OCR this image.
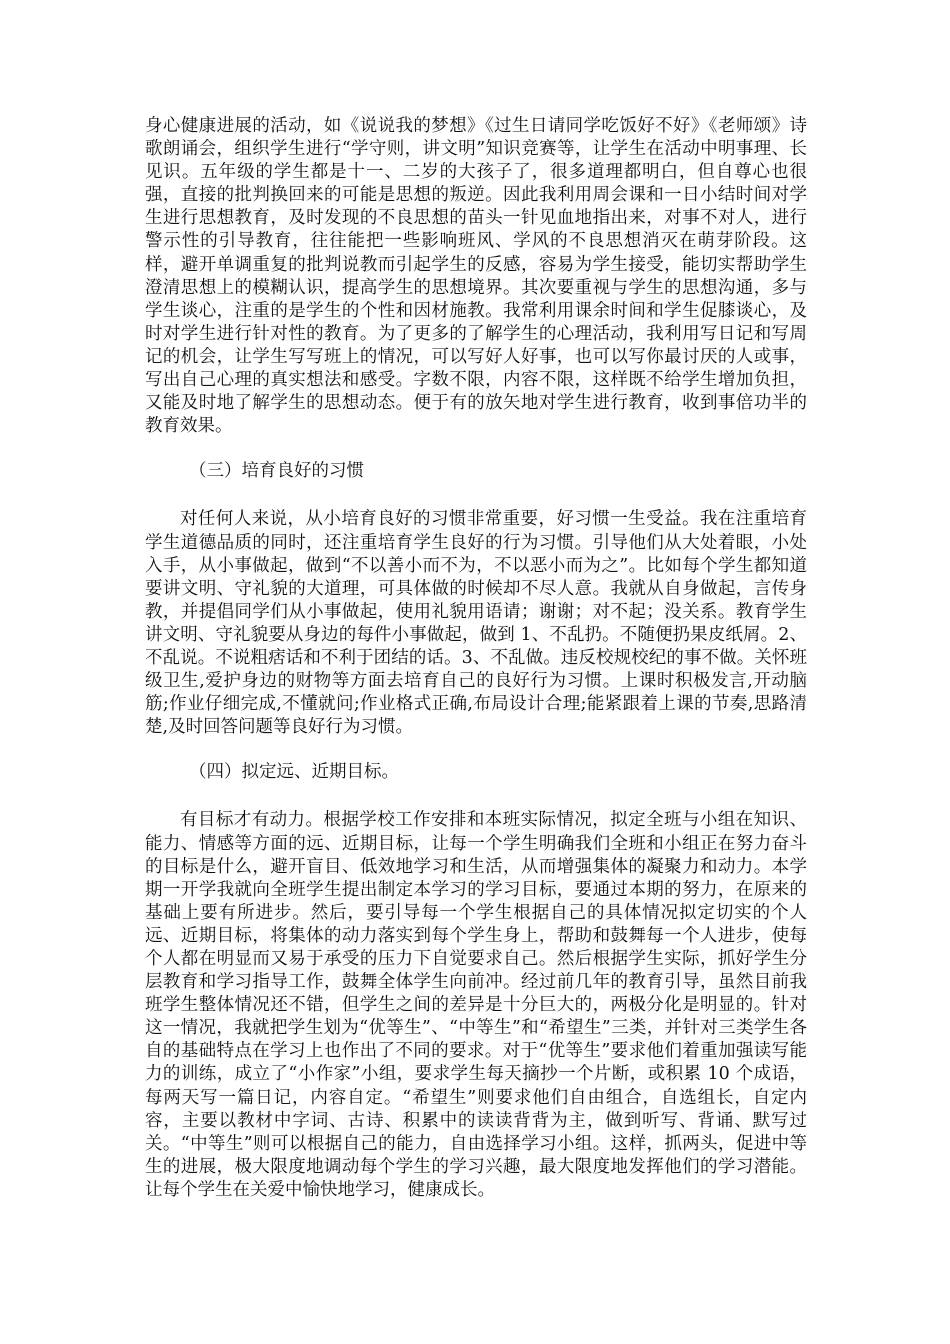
身心健康进展的活动，如《说说我的梦想》《过生日请同学吃饭好不好》《老师颂》诗歌朗诵会，组织学生进行“学守则，讲文明”知识竞赛等，让学生在活动中明事理、长见识。五年级的学生都是十一、二岁的大孩子了，很多道理都明白，但自尊心也很强，直接的批判换回来的可能是思想的叛逆。因此我利用周会课和一日小结时间对学生进行思想教育，及时发现的不良思想的苗头一针见血地指出来，对事不对人，进行警示性的引导教育，往往能把一些影响班风、学风的不良思想消灭在萌芽阶段。这样，避开单调重复的批判说教而引起学生的反感，容易为学生接受，能切实帮助学生澄清思想上的模糊认识，提高学生的思想境界。其次要重视与学生的思想沟通，多与学生谈心，注重的是学生的个性和因材施教。我常利用课余时间和学生促膝谈心，及时对学生进行针对性的教育。为了更多的了解学生的心理活动，我利用写日记和写周记的机会，让学生写写班上的情况，可以写好人好事，也可以写你最讨厌的人或事，写出自己心理的真实想法和感受。字数不限，内容不限，这样既不给学生增加负担，又能及时地了解学生的思想动态。便于有的放矢地对学生进行教育，收到事倍功半的教育效果。

（三）培育良好的习惯

对任何人来说，从小培育良好的习惯非常重要，好习惯一生受益。我在注重培育学生道德品质的同时，还注重培育学生良好的行为习惯。引导他们从大处着眼，小处入手，从小事做起，做到“不以善小而不为，不以恶小而为之”。比如每个学生都知道要讲文明、守礼貌的大道理，可具体做的时候却不尽人意。我就从自身做起，言传身教，并提倡同学们从小事做起，使用礼貌用语请；谢谢；对不起；没关系。教育学生讲文明、守礼貌要从身边的每件小事做起，做到 1、不乱扔。不随便扔果皮纸屑。2、不乱说。不说粗痞话和不利于团结的话。3、不乱做。违反校规校纪的事不做。关怀班级卫生,爱护身边的财物等方面去培育自己的良好行为习惯。上课时积极发言,开动脑筋;作业仔细完成,不懂就问;作业格式正确,布局设计合理;能紧跟着上课的节奏,思路清楚,及时回答问题等良好行为习惯。

（四）拟定远、近期目标。

有目标才有动力。根据学校工作安排和本班实际情况，拟定全班与小组在知识、能力、情感等方面的远、近期目标，让每一个学生明确我们全班和小组正在努力奋斗的目标是什么，避开盲目、低效地学习和生活，从而增强集体的凝聚力和动力。本学期一开学我就向全班学生提出制定本学习的学习目标，要通过本期的努力，在原来的基础上要有所进步。然后，要引导每一个学生根据自己的具体情况拟定切实的个人远、近期目标，将集体的动力落实到每个学生身上，帮助和鼓舞每一个人进步，使每个人都在明显而又易于承受的压力下自觉要求自己。然后根据学生实际，抓好学生分层教育和学习指导工作，鼓舞全体学生向前冲。经过前几年的教育引导，虽然目前我班学生整体情况还不错，但学生之间的差异是十分巨大的，两极分化是明显的。针对这一情况，我就把学生划为“优等生”、“中等生”和“希望生”三类，并针对三类学生各自的基础特点在学习上也作出了不同的要求。对于“优等生”要求他们着重加强读写能力的训练，成立了“小作家”小组，要求学生每天摘抄一个片断，或积累 10 个成语，每两天写一篇日记，内容自定。“希望生”则要求他们自由组合，自选组长，自定内容，主要以教材中字词、古诗、积累中的读读背背为主，做到听写、背诵、默写过关。“中等生”则可以根据自己的能力，自由选择学习小组。这样，抓两头，促进中等生的进展，极大限度地调动每个学生的学习兴趣，最大限度地发挥他们的学习潜能。让每个学生在关爱中愉快地学习，健康成长。
